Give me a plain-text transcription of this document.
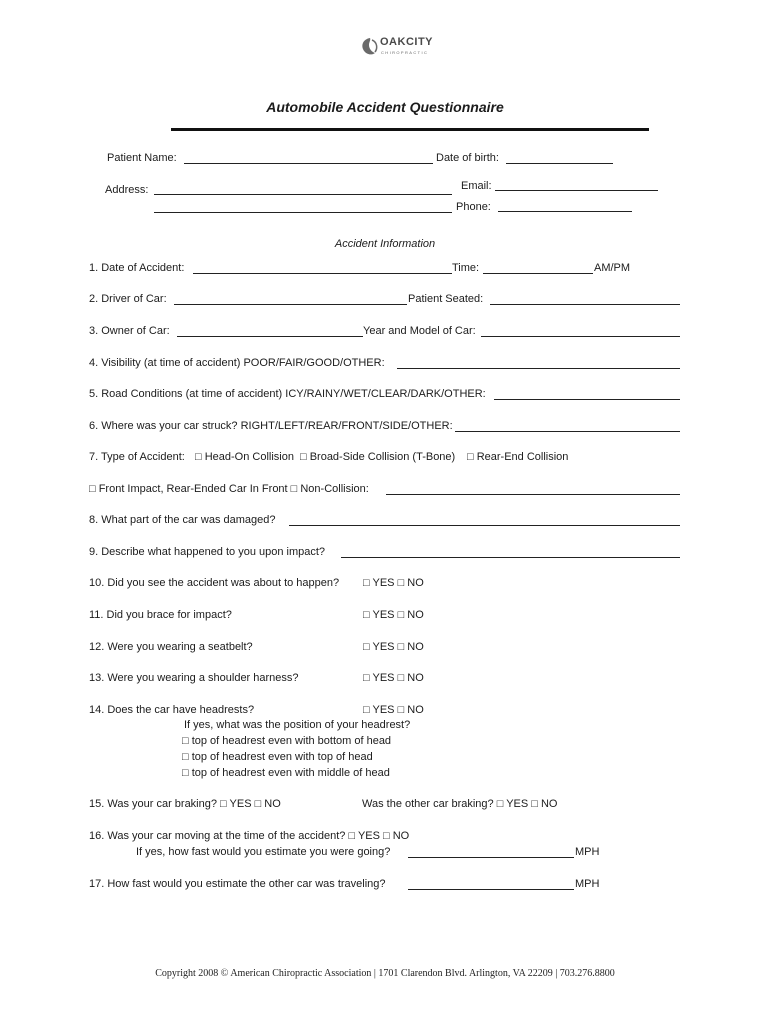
OAKCITY
CHIROPRACTIC
Automobile Accident Questionnaire
Patient Name:	Date of birth:
Address:	Email:
Phone:
Accident Information
1. Date of Accident:	Time:	AM/PM
2. Driver of Car:	Patient Seated:
3. Owner of Car:	Year and Model of Car:
4. Visibility (at time of accident) POOR/FAIR/GOOD/OTHER:
5. Road Conditions (at time of accident) ICY/RAINY/WET/CLEAR/DARK/OTHER:
6. Where was your car struck? RIGHT/LEFT/REAR/FRONT/SIDE/OTHER:
7. Type of Accident: □ Head-On Collision □ Broad-Side Collision (T-Bone) □ Rear-End Collision
□ Front Impact, Rear-Ended Car In Front □ Non-Collision:
8. What part of the car was damaged?
9. Describe what happened to you upon impact?
10. Did you see the accident was about to happen? □ YES □ NO
11. Did you brace for impact?	□ YES □ NO
12. Were you wearing a seatbelt?	□ YES □ NO
13. Were you wearing a shoulder harness?	□ YES □ NO
14. Does the car have headrests?	□ YES □ NO
If yes, what was the position of your headrest?
□ top of headrest even with bottom of head
□ top of headrest even with top of head
□ top of headrest even with middle of head
15. Was your car braking? □ YES □ NO	Was the other car braking? □ YES □ NO
16. Was your car moving at the time of the accident? □ YES □ NO
If yes, how fast would you estimate you were going?	MPH
17. How fast would you estimate the other car was traveling?	MPH
Copyright 2008 © American Chiropractic Association | 1701 Clarendon Blvd. Arlington, VA 22209 | 703.276.8800
